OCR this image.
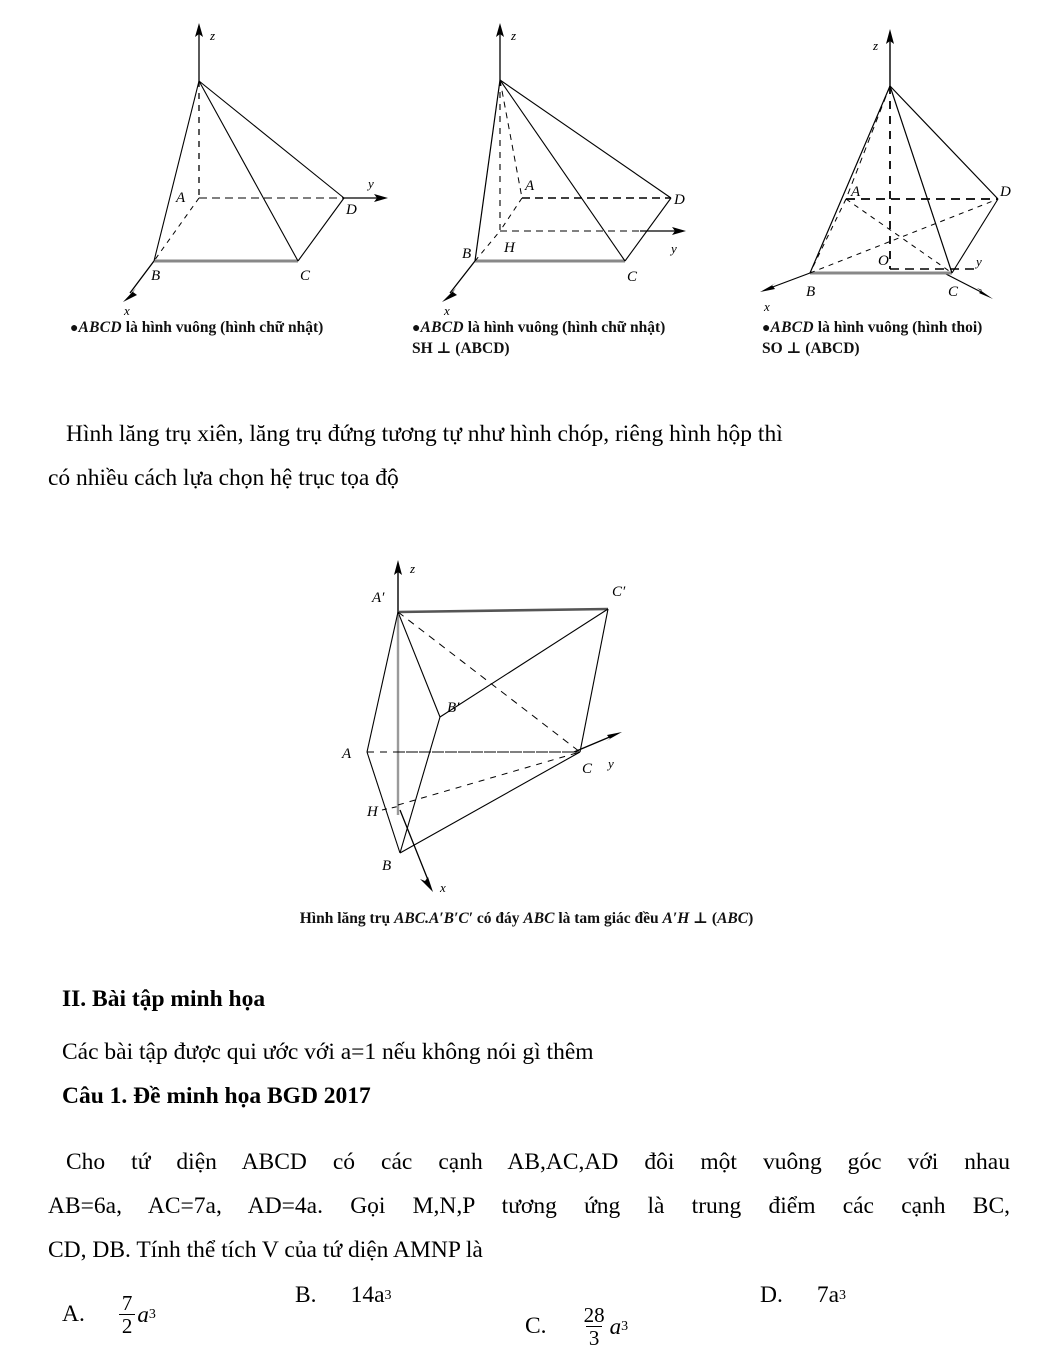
z
y
x
A
B	C
D
●ABCD là hình vuông (hình chữ nhật)
z
y
x
A
B
C
D
H
●ABCD là hình vuông (hình chữ nhật)
SH ⊥ (ABCD)
z
y
x
A
B	C
D
O
●ABCD là hình vuông (hình thoi)
SO ⊥ (ABCD)
Hình lăng trụ xiên, lăng trụ đứng tương tự như hình chóp, riêng hình hộp thì
có nhiều cách lựa chọn hệ trục tọa độ
z
y
x
A′	C′
B′
A
C
H
B
Hình lăng trụ ABC.A′B′C′ có đáy ABC là tam giác đều A′H ⊥ (ABC)
II. Bài tập minh họa
Các bài tập được qui ước với a=1 nếu không nói gì thêm
Câu 1. Đề minh họa BGD 2017
Cho tứ diện ABCD có các cạnh AB,AC,AD đôi một vuông góc với nhau
AB=6a, AC=7a, AD=4a. Gọi M,N,P tương ứng là trung điểm các cạnh BC,
CD, DB. Tính thể tích V của tứ diện AMNP là
A. $\frac{7}{2}$ a 3
B. 14a 3
C. $\frac{28}{3}$ a 3
D. 7a 3
